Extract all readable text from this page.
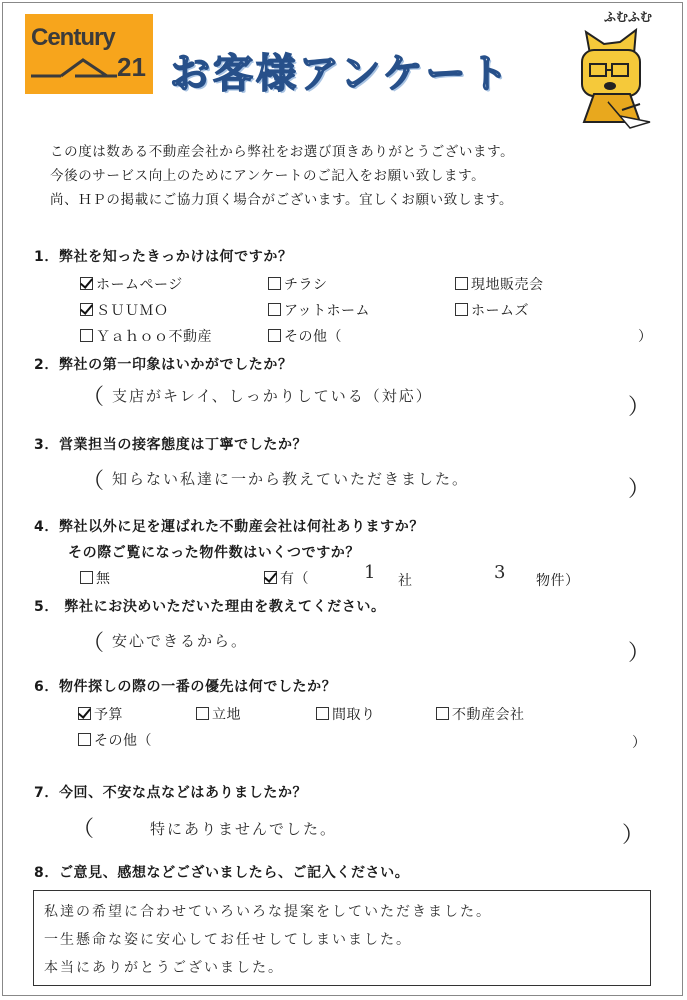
Century
21 お客様アンケート
ふむふむ
この度は数ある不動産会社から弊社をお選び頂きありがとうございます。
今後のサービス向上のためにアンケートのご記入をお願い致します。
尚、ＨＰの掲載にご協力頂く場合がございます。宜しくお願い致します。
1．弊社を知ったきっかけは何ですか？
ホームページ	チラシ	現地販売会
ＳＵＵＭＯ	アットホーム	ホームズ
Ｙａｈｏｏ不動産	その他（	）
2．弊社の第一印象はいかがでしたか？
（ 支店がキレイ、しっかりしている（対応）	）
3．営業担当の接客態度は丁寧でしたか？
（ 知らない私達に一から教えていただきました。	）
4．弊社以外に足を運ばれた不動産会社は何社ありますか？
その際ご覧になった物件数はいくつですか？
無	有（	1 社	3 物件）
5． 弊社にお決めいただいた理由を教えてください。
（ 安心できるから。	）
6．物件探しの際の一番の優先は何でしたか？
予算	立地	間取り	不動産会社
その他（	）
7．今回、不安な点などはありましたか？
（	特にありませんでした。	）
8．ご意見、感想などございましたら、ご記入ください。
私達の希望に合わせていろいろな提案をしていただきました。
一生懸命な姿に安心してお任せしてしまいました。
本当にありがとうございました。
